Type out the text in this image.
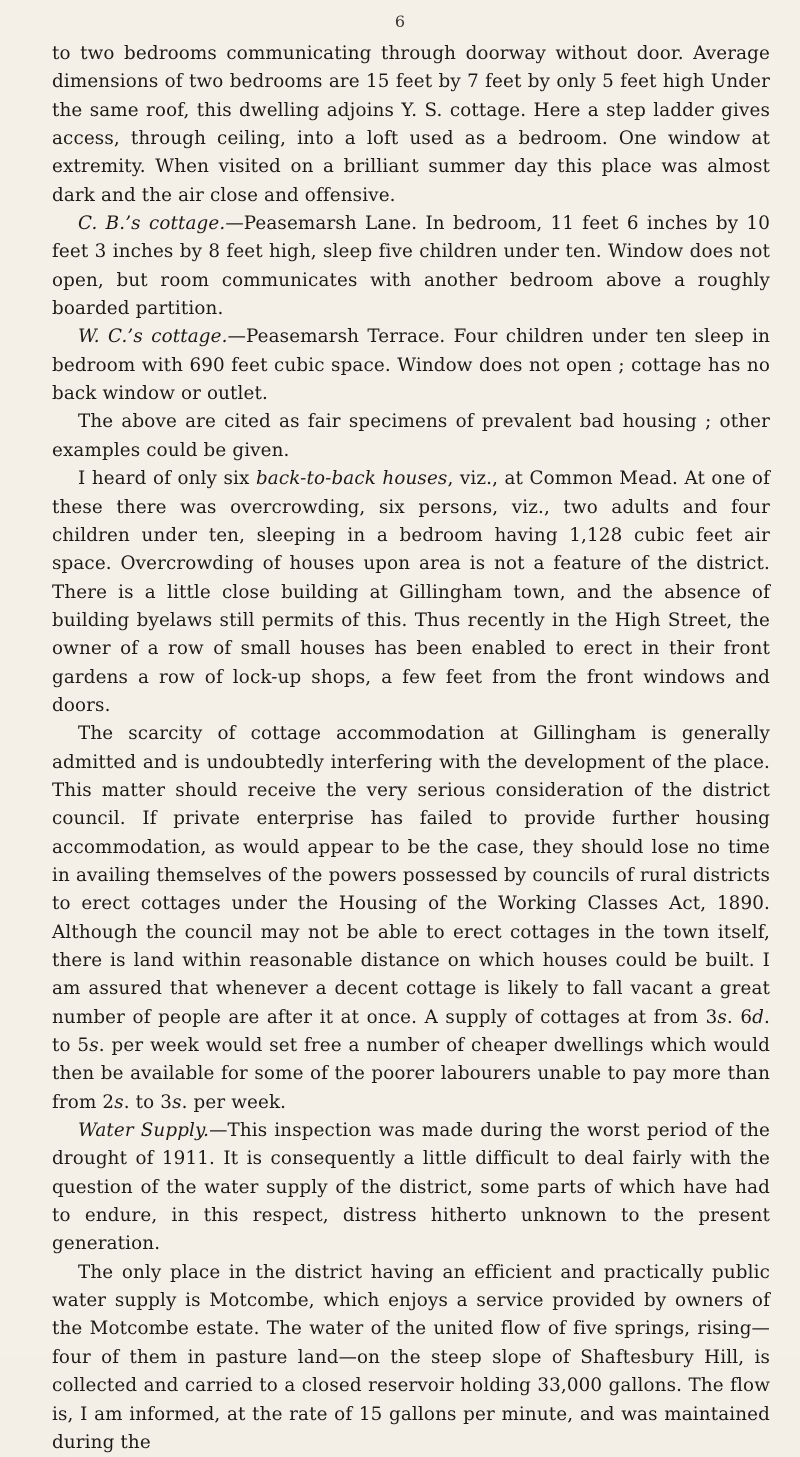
6

to two bedrooms communicating through doorway without door. Average dimensions of two bedrooms are 15 feet by 7 feet by only 5 feet high Under the same roof, this dwelling adjoins Y. S. cottage. Here a step ladder gives access, through ceiling, into a loft used as a bedroom. One window at extremity. When visited on a brilliant summer day this place was almost dark and the air close and offensive.

C. B.’s cottage.—Peasemarsh Lane. In bedroom, 11 feet 6 inches by 10 feet 3 inches by 8 feet high, sleep five children under ten. Window does not open, but room communicates with another bedroom above a roughly boarded partition.

W. C.’s cottage.—Peasemarsh Terrace. Four children under ten sleep in bedroom with 690 feet cubic space. Window does not open ; cottage has no back window or outlet.

The above are cited as fair specimens of prevalent bad housing ; other examples could be given.

I heard of only six back-to-back houses, viz., at Common Mead. At one of these there was overcrowding, six persons, viz., two adults and four children under ten, sleeping in a bedroom having 1,128 cubic feet air space. Overcrowding of houses upon area is not a feature of the district. There is a little close building at Gillingham town, and the absence of building byelaws still permits of this. Thus recently in the High Street, the owner of a row of small houses has been enabled to erect in their front gardens a row of lock-up shops, a few feet from the front windows and doors.

The scarcity of cottage accommodation at Gillingham is generally admitted and is undoubtedly interfering with the development of the place. This matter should receive the very serious consideration of the district council. If private enterprise has failed to provide further housing accommodation, as would appear to be the case, they should lose no time in availing themselves of the powers possessed by councils of rural districts to erect cottages under the Housing of the Working Classes Act, 1890. Although the council may not be able to erect cottages in the town itself, there is land within reasonable distance on which houses could be built. I am assured that whenever a decent cottage is likely to fall vacant a great number of people are after it at once. A supply of cottages at from 3s. 6d. to 5s. per week would set free a number of cheaper dwellings which would then be available for some of the poorer labourers unable to pay more than from 2s. to 3s. per week.

Water Supply.—This inspection was made during the worst period of the drought of 1911. It is consequently a little difficult to deal fairly with the question of the water supply of the district, some parts of which have had to endure, in this respect, distress hitherto unknown to the present generation.

The only place in the district having an efficient and practically public water supply is Motcombe, which enjoys a service provided by owners of the Motcombe estate. The water of the united flow of five springs, rising—four of them in pasture land—on the steep slope of Shaftesbury Hill, is collected and carried to a closed reservoir holding 33,000 gallons. The flow is, I am informed, at the rate of 15 gallons per minute, and was maintained during the
